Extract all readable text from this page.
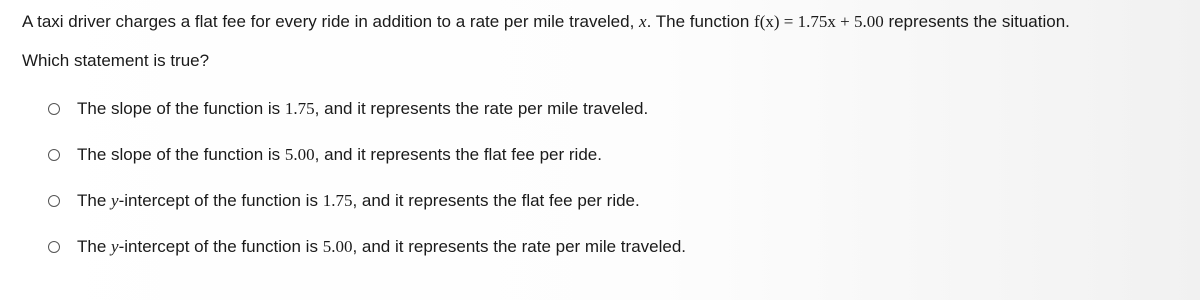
A taxi driver charges a flat fee for every ride in addition to a rate per mile traveled, x. The function f(x) = 1.75x + 5.00 represents the situation.
Which statement is true?
The slope of the function is 1.75, and it represents the rate per mile traveled.
The slope of the function is 5.00, and it represents the flat fee per ride.
The y-intercept of the function is 1.75, and it represents the flat fee per ride.
The y-intercept of the function is 5.00, and it represents the rate per mile traveled.
